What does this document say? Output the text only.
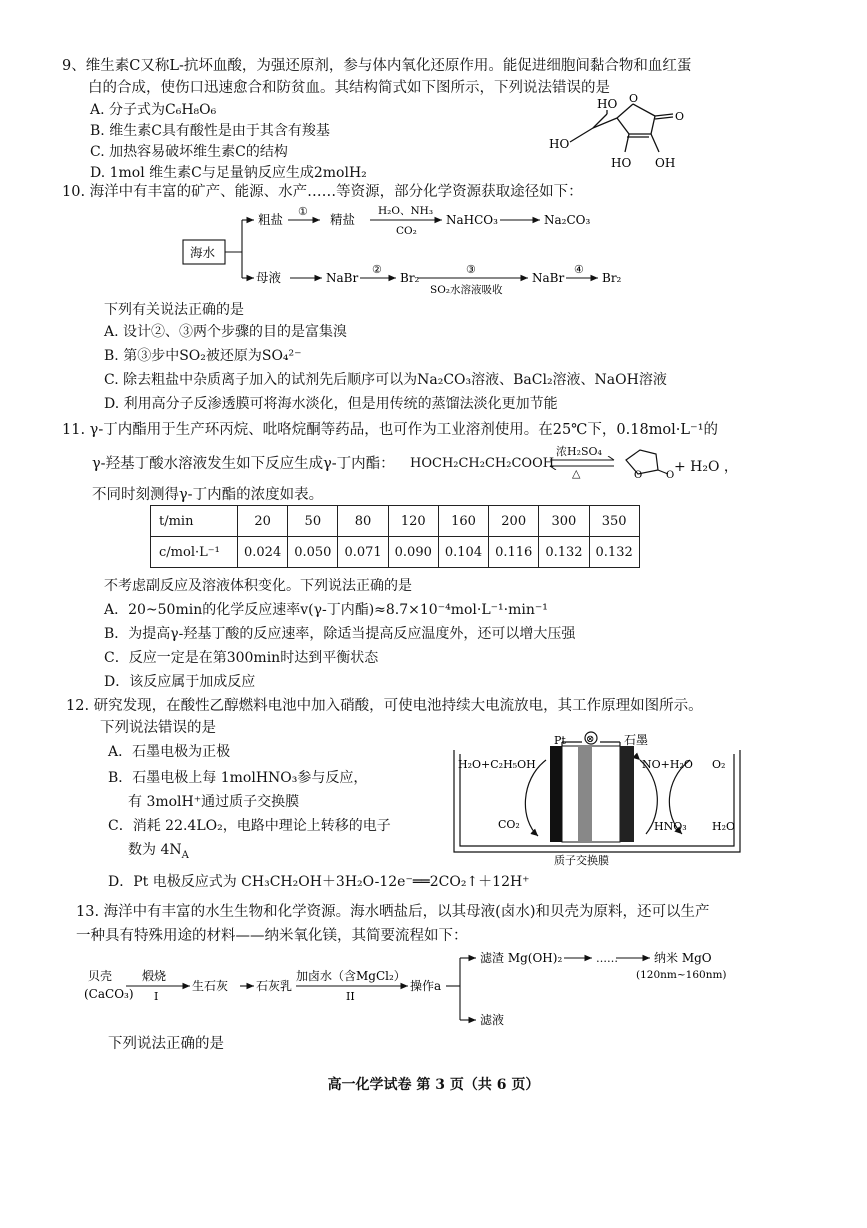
9、维生素C又称L-抗坏血酸，为强还原剂，参与体内氧化还原作用。能促进细胞间黏合物和血红蛋
白的合成，使伤口迅速愈合和防贫血。其结构简式如下图所示，下列说法错误的是
A. 分子式为C₆H₈O₆
B. 维生素C具有酸性是由于其含有羧基
C. 加热容易破坏维生素C的结构
D. 1mol 维生素C与足量钠反应生成2molH₂
HO
HO
HO OH
O
O
10. 海洋中有丰富的矿产、能源、水产……等资源，部分化学资源获取途径如下：
海水
粗盐
①
精盐
H₂O、NH₃
CO₂
NaHCO₃	Na₂CO₃
母液	NaBr
②
Br₂
③
SO₂水溶液吸收
NaBr
④
Br₂
下列有关说法正确的是
A. 设计②、③两个步骤的目的是富集溴
B. 第③步中SO₂被还原为SO₄²⁻
C. 除去粗盐中杂质离子加入的试剂先后顺序可以为Na₂CO₃溶液、BaCl₂溶液、NaOH溶液
D. 利用高分子反渗透膜可将海水淡化，但是用传统的蒸馏法淡化更加节能
11. γ-丁内酯用于生产环丙烷、吡咯烷酮等药品，也可作为工业溶剂使用。在25℃下，0.18mol·L⁻¹的
γ-羟基丁酸水溶液发生如下反应生成γ-丁内酯： HOCH₂CH₂CH₂COOH
浓H₂SO₄
△	O O
+ H₂O ，
不同时刻测得γ-丁内酯的浓度如表。
t/min	20	50	80	120	160	200	300	350
c/mol·L⁻¹	0.024	0.050	0.071	0.090	0.104	0.116	0.132	0.132
不考虑副反应及溶液体积变化。下列说法正确的是
A．20~50min的化学反应速率v(γ-丁内酯)≈8.7×10⁻⁴mol·L⁻¹·min⁻¹
B．为提高γ-羟基丁酸的反应速率，除适当提高反应温度外，还可以增大压强
C．反应一定是在第300min时达到平衡状态
D．该反应属于加成反应
12. 研究发现，在酸性乙醇燃料电池中加入硝酸，可使电池持续大电流放电，其工作原理如图所示。
下列说法错误的是
A．石墨电极为正极
B．石墨电极上每 1molHNO₃参与反应，
有 3molH⁺通过质子交换膜
C．消耗 22.4LO₂，电路中理论上转移的电子
数为 $4N_A$
D．Pt 电极反应式为 CH₃CH₂OH＋3H₂O-12e⁻══2CO₂↑＋12H⁺
⊗
Pt	石墨
H₂O+C₂H₅OH
CO₂
NO+H₂O O₂
HNO₃ H₂O
质子交换膜
13. 海洋中有丰富的水生生物和化学资源。海水晒盐后，以其母液(卤水)和贝壳为原料，还可以生产
一种具有特殊用途的材料——纳米氧化镁，其简要流程如下：
贝壳
(CaCO₃)
煅烧
I
生石灰 石灰乳
加卤水（含MgCl₂）
II
操作a
滤渣 Mg(OH)₂	……	纳米 MgO
(120nm~160nm)
滤液
下列说法正确的是
高一化学试卷 第 3 页（共 6 页）
